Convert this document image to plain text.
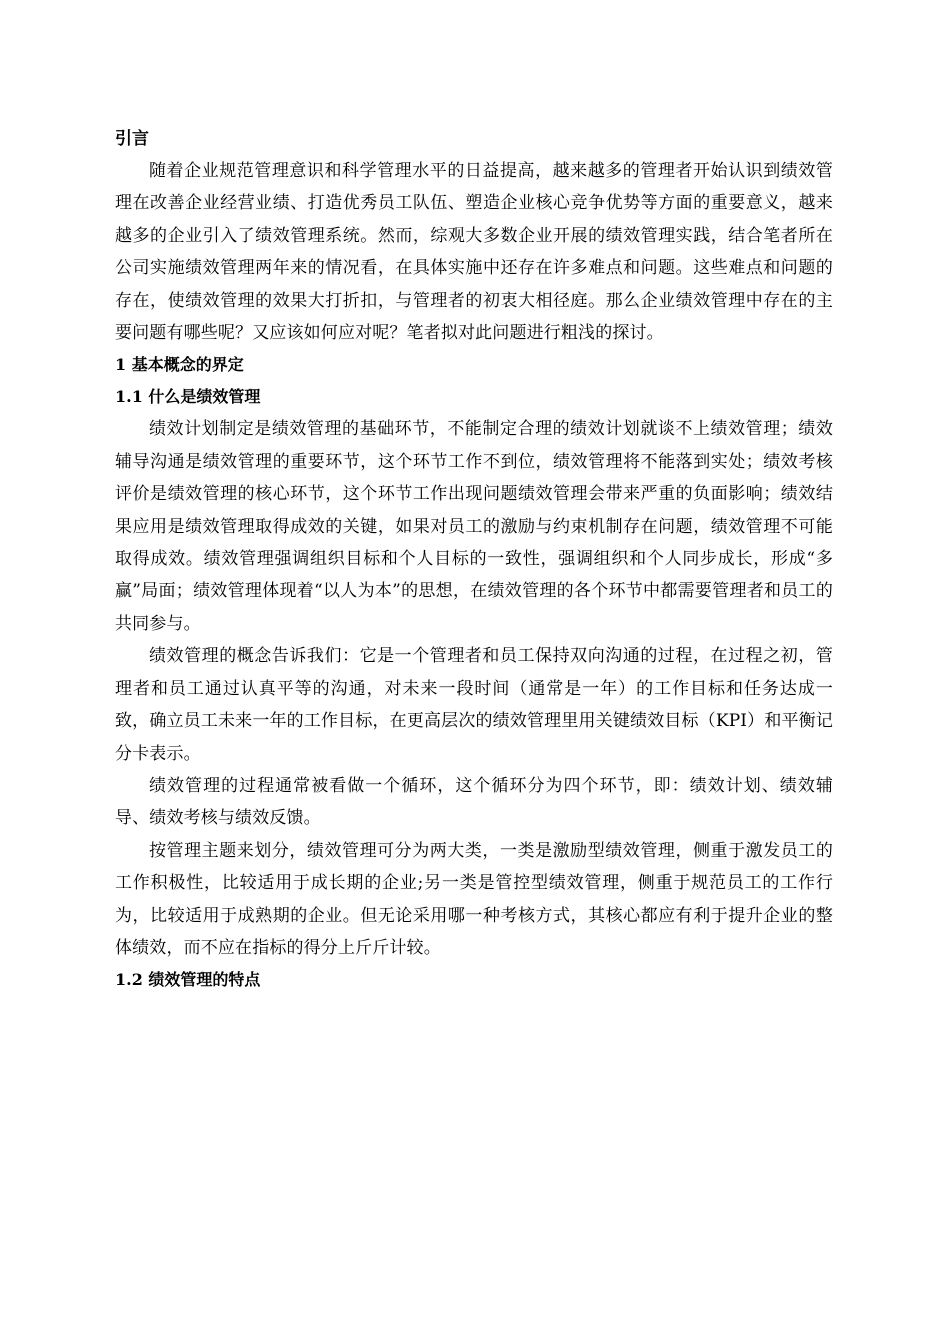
引言

随着企业规范管理意识和科学管理水平的日益提高，越来越多的管理者开始认识到绩效管理在改善企业经营业绩、打造优秀员工队伍、塑造企业核心竞争优势等方面的重要意义，越来越多的企业引入了绩效管理系统。然而，综观大多数企业开展的绩效管理实践，结合笔者所在公司实施绩效管理两年来的情况看，在具体实施中还存在许多难点和问题。这些难点和问题的存在，使绩效管理的效果大打折扣，与管理者的初衷大相径庭。那么企业绩效管理中存在的主要问题有哪些呢？又应该如何应对呢？笔者拟对此问题进行粗浅的探讨。

1 基本概念的界定
1.1 什么是绩效管理

绩效计划制定是绩效管理的基础环节，不能制定合理的绩效计划就谈不上绩效管理；绩效辅导沟通是绩效管理的重要环节，这个环节工作不到位，绩效管理将不能落到实处；绩效考核评价是绩效管理的核心环节，这个环节工作出现问题绩效管理会带来严重的负面影响；绩效结果应用是绩效管理取得成效的关键，如果对员工的激励与约束机制存在问题，绩效管理不可能取得成效。绩效管理强调组织目标和个人目标的一致性，强调组织和个人同步成长，形成“多赢”局面；绩效管理体现着“以人为本”的思想，在绩效管理的各个环节中都需要管理者和员工的共同参与。

绩效管理的概念告诉我们：它是一个管理者和员工保持双向沟通的过程，在过程之初，管理者和员工通过认真平等的沟通，对未来一段时间（通常是一年）的工作目标和任务达成一致，确立员工未来一年的工作目标，在更高层次的绩效管理里用关键绩效目标（KPI）和平衡记分卡表示。

绩效管理的过程通常被看做一个循环，这个循环分为四个环节，即：绩效计划、绩效辅导、绩效考核与绩效反馈。

按管理主题来划分，绩效管理可分为两大类，一类是激励型绩效管理，侧重于激发员工的工作积极性，比较适用于成长期的企业;另一类是管控型绩效管理，侧重于规范员工的工作行为，比较适用于成熟期的企业。但无论采用哪一种考核方式，其核心都应有利于提升企业的整体绩效，而不应在指标的得分上斤斤计较。

1.2 绩效管理的特点
